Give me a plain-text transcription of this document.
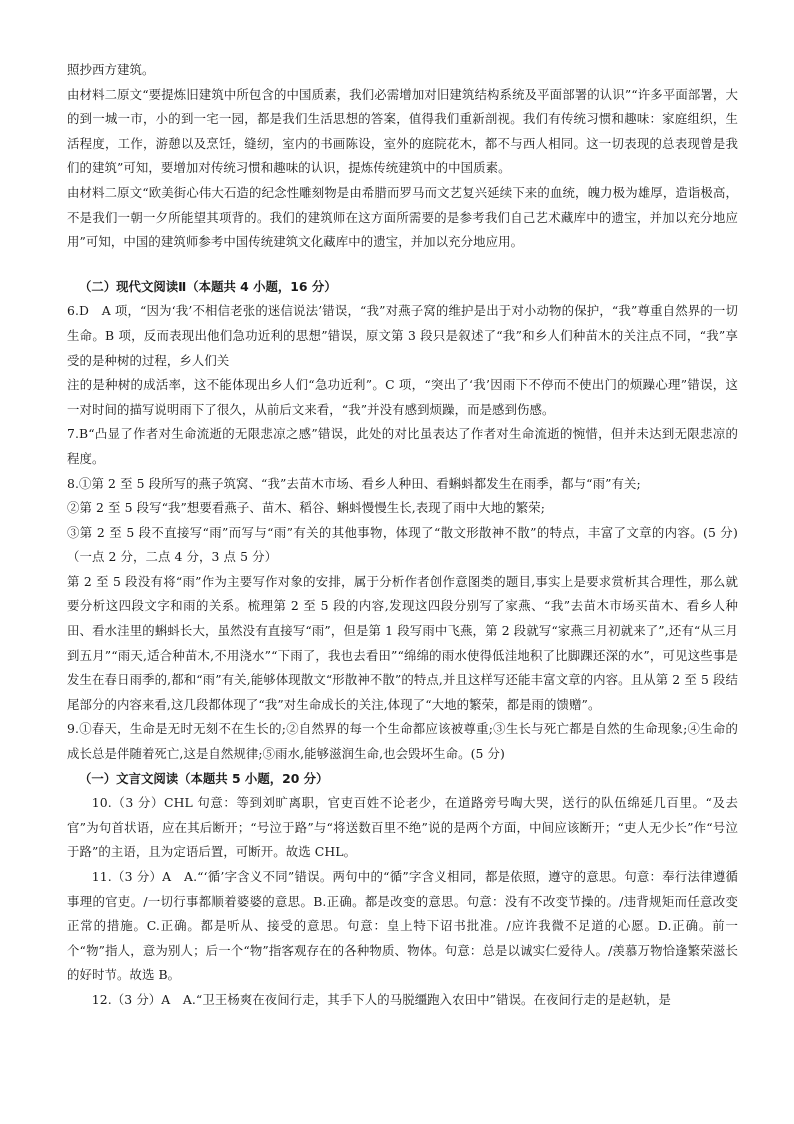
照抄西方建筑。

由材料二原文“要提炼旧建筑中所包含的中国质素，我们必需增加对旧建筑结构系统及平面部署的认识”“许多平面部署，大的到一城一市，小的到一宅一园，都是我们生活思想的答案，值得我们重新剖视。我们有传统习惯和趣味：家庭组织，生活程度，工作，游憩以及烹饪，缝纫，室内的书画陈设，室外的庭院花木，都不与西人相同。这一切表现的总表现曾是我们的建筑”可知，要增加对传统习惯和趣味的认识，提炼传统建筑中的中国质素。

由材料二原文“欧美街心伟大石造的纪念性雕刻物是由希腊而罗马而文艺复兴延续下来的血统，魄力极为雄厚，造诣极高，不是我们一朝一夕所能望其项背的。我们的建筑师在这方面所需要的是参考我们自己艺术藏库中的遗宝，并加以充分地应用”可知，中国的建筑师参考中国传统建筑文化藏库中的遗宝，并加以充分地应用。

（二）现代文阅读Ⅱ（本题共 4 小题，16 分）

6.D　A 项，“因为‘我’不相信老张的迷信说法’错误，“我”对燕子窝的维护是出于对小动物的保护，“我”尊重自然界的一切生命。B 项，反而表现出他们急功近利的思想”错误，原文第 3 段只是叙述了“我”和乡人们种苗木的关注点不同，“我”享受的是种树的过程，乡人们关

注的是种树的成活率，这不能体现出乡人们“急功近利”。C 项，“突出了‘我’因雨下不停而不使出门的烦躁心理”错误，这一对时间的描写说明雨下了很久，从前后文来看，“我”并没有感到烦躁，而是感到伤感。

7.B“凸显了作者对生命流逝的无限悲凉之感”错误，此处的对比虽表达了作者对生命流逝的惋惜，但并未达到无限悲凉的程度。

8.①第 2 至 5 段所写的燕子筑窝、“我”去苗木市场、看乡人种田、看蝌蚪都发生在雨季，都与“雨”有关;

②第 2 至 5 段写“我”想要看燕子、苗木、稻谷、蝌蚪慢慢生长,表现了雨中大地的繁荣;

③第 2 至 5 段不直接写“雨”而写与“雨”有关的其他事物，体现了“散文形散神不散”的特点，丰富了文章的内容。(5 分)（一点 2 分，二点 4 分，3 点 5 分）

第 2 至 5 段没有将“雨”作为主要写作对象的安排，属于分析作者创作意图类的题目,事实上是要求赏析其合理性，那么就要分析这四段文字和雨的关系。梳理第 2 至 5 段的内容,发现这四段分别写了家燕、“我”去苗木市场买苗木、看乡人种田、看水洼里的蝌蚪长大，虽然没有直接写“雨”，但是第 1 段写雨中飞燕，第 2 段就写“家燕三月初就来了”,还有“从三月到五月”“雨天,适合种苗木,不用浇水”“下雨了，我也去看田”“绵绵的雨水使得低洼地积了比脚踝还深的水”，可见这些事是发生在春日雨季的,都和“雨”有关,能够体现散文“形散神不散”的特点,并且这样写还能丰富文章的内容。且从第 2 至 5 段结尾部分的内容来看,这几段都体现了“我”对生命成长的关注,体现了“大地的繁荣，都是雨的馈赠”。

9.①春天，生命是无时无刻不在生长的;②自然界的每一个生命都应该被尊重;③生长与死亡都是自然的生命现象;④生命的成长总是伴随着死亡,这是自然规律;⑤雨水,能够滋润生命,也会毁坏生命。(5 分)

（一）文言文阅读（本题共 5 小题，20 分）

10.（3 分）CHL 句意：等到刘旷离职，官吏百姓不论老少，在道路旁号啕大哭，送行的队伍绵延几百里。“及去官”为句首状语，应在其后断开；“号泣于路”与“将送数百里不绝”说的是两个方面，中间应该断开；“吏人无少长”作“号泣于路”的主语，且为定语后置，可断开。故选 CHL。

11.（3 分）A　A.“‘循’字含义不同”错误。两句中的“循”字含义相同，都是依照，遵守的意思。句意：奉行法律遵循事理的官吏。/一切行事都顺着婆婆的意思。B.正确。都是改变的意思。句意：没有不改变节操的。/违背规矩而任意改变正常的措施。C.正确。都是听从、接受的意思。句意：皇上特下诏书批准。/应许我微不足道的心愿。D.正确。前一个“物”指人，意为别人；后一个“物”指客观存在的各种物质、物体。句意：总是以诚实仁爱待人。/羡慕万物恰逢繁荣滋长的好时节。故选 B。

12.（3 分）A　A.“卫王杨爽在夜间行走，其手下人的马脱缰跑入农田中”错误。在夜间行走的是赵轨，是
